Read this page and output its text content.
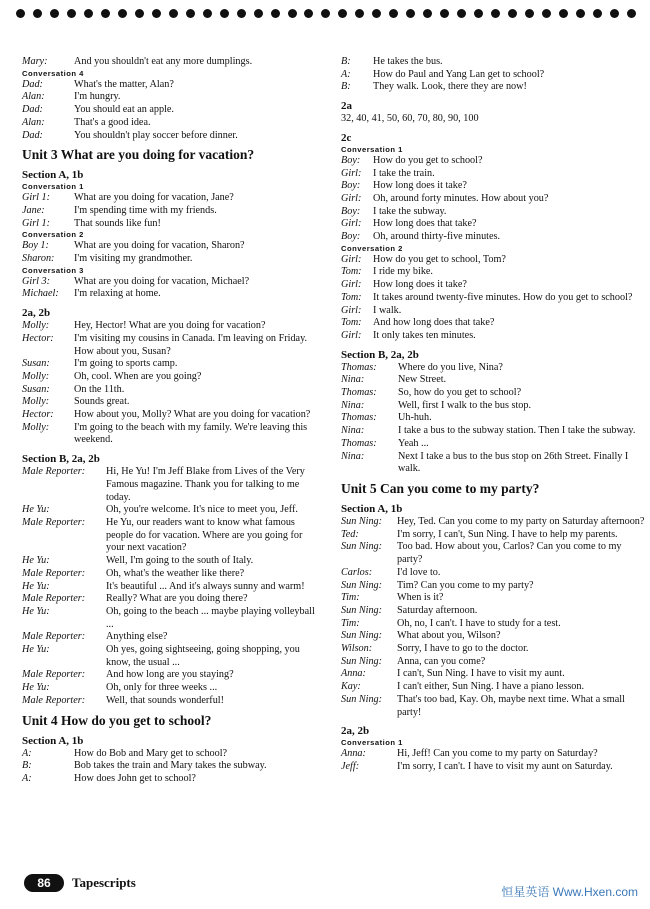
Mary:	And you shouldn't eat any more dumplings.
Conversation 4
Dad:	What's the matter, Alan?
Alan:	I'm hungry.
Dad:	You should eat an apple.
Alan:	That's a good idea.
Dad:	You shouldn't play soccer before dinner.
Unit 3 What are you doing for vacation?
Section A, 1b
Conversation 1
Girl 1:	What are you doing for vacation, Jane?
Jane:	I'm spending time with my friends.
Girl 1:	That sounds like fun!
Conversation 2
Boy 1:	What are you doing for vacation, Sharon?
Sharon:	I'm visiting my grandmother.
Conversation 3
Girl 3:	What are you doing for vacation, Michael?
Michael:	I'm relaxing at home.
2a, 2b
Molly:	Hey, Hector! What are you doing for vacation?
Hector:	I'm visiting my cousins in Canada. I'm leaving on Friday. How about you, Susan?
Susan:	I'm going to sports camp.
Molly:	Oh, cool. When are you going?
Susan:	On the 11th.
Molly:	Sounds great.
Hector:	How about you, Molly? What are you doing for vacation?
Molly:	I'm going to the beach with my family. We're leaving this weekend.
Section B, 2a, 2b
Male Reporter:	Hi, He Yu! I'm Jeff Blake from Lives of the Very Famous magazine. Thank you for talking to me today.
He Yu:	Oh, you're welcome. It's nice to meet you, Jeff.
Male Reporter:	He Yu, our readers want to know what famous people do for vacation. Where are you going for your next vacation?
He Yu:	Well, I'm going to the south of Italy.
Male Reporter:	Oh, what's the weather like there?
He Yu:	It's beautiful ... And it's always sunny and warm!
Male Reporter:	Really? What are you doing there?
He Yu:	Oh, going to the beach ... maybe playing volleyball ...
Male Reporter:	Anything else?
He Yu:	Oh yes, going sightseeing, going shopping, you know, the usual ...
Male Reporter:	And how long are you staying?
He Yu:	Oh, only for three weeks ...
Male Reporter:	Well, that sounds wonderful!
Unit 4 How do you get to school?
Section A, 1b
A:	How do Bob and Mary get to school?
B:	Bob takes the train and Mary takes the subway.
A:	How does John get to school?
B:	He takes the bus.
A:	How do Paul and Yang Lan get to school?
B:	They walk. Look, there they are now!
2a
32, 40, 41, 50, 60, 70, 80, 90, 100
2c
Conversation 1
Boy:	How do you get to school?
Girl:	I take the train.
Boy:	How long does it take?
Girl:	Oh, around forty minutes. How about you?
Boy:	I take the subway.
Girl:	How long does that take?
Boy:	Oh, around thirty-five minutes.
Conversation 2
Girl:	How do you get to school, Tom?
Tom:	I ride my bike.
Girl:	How long does it take?
Tom:	It takes around twenty-five minutes. How do you get to school?
Girl:	I walk.
Tom:	And how long does that take?
Girl:	It only takes ten minutes.
Section B, 2a, 2b
Thomas:	Where do you live, Nina?
Nina:	New Street.
Thomas:	So, how do you get to school?
Nina:	Well, first I walk to the bus stop.
Thomas:	Uh-huh.
Nina:	I take a bus to the subway station. Then I take the subway.
Thomas:	Yeah ...
Nina:	Next I take a bus to the bus stop on 26th Street. Finally I walk.
Unit 5 Can you come to my party?
Section A, 1b
Sun Ning:	Hey, Ted. Can you come to my party on Saturday afternoon?
Ted:	I'm sorry, I can't, Sun Ning. I have to help my parents.
Sun Ning:	Too bad. How about you, Carlos? Can you come to my party?
Carlos:	I'd love to.
Sun Ning:	Tim? Can you come to my party?
Tim:	When is it?
Sun Ning:	Saturday afternoon.
Tim:	Oh, no, I can't. I have to study for a test.
Sun Ning:	What about you, Wilson?
Wilson:	Sorry, I have to go to the doctor.
Sun Ning:	Anna, can you come?
Anna:	I can't, Sun Ning. I have to visit my aunt.
Kay:	I can't either, Sun Ning. I have a piano lesson.
Sun Ning:	That's too bad, Kay. Oh, maybe next time. What a small party!
2a, 2b
Conversation 1
Anna:	Hi, Jeff! Can you come to my party on Saturday?
Jeff:	I'm sorry, I can't. I have to visit my aunt on Saturday.
86	Tapescripts
恒星英语 Www.Hxen.com
